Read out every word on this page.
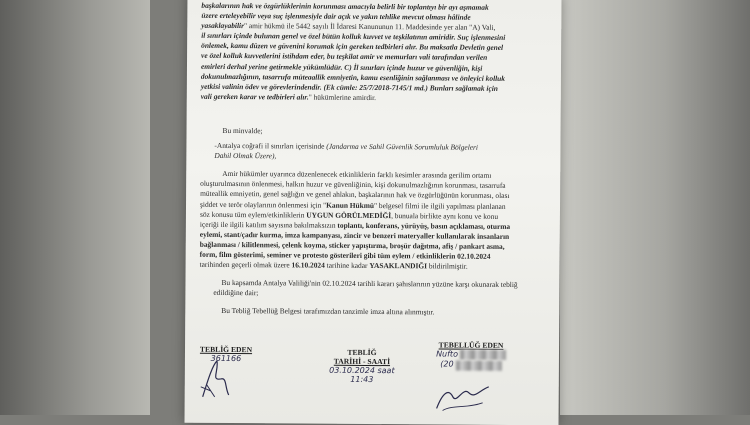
başkalarının hak ve özgürlüklerinin korunması amacıyla belirli bir toplantıyı bir ayı aşmamak

üzere erteleyebilir veya suç işlenmesiyle dair açık ve yakın tehlike mevcut olması hâlinde

yasaklayabilir" amir hükmü ile 5442 sayılı İl İdaresi Kanununun 11. Maddesinde yer alan "A) Vali,

il sınırları içinde bulunan genel ve özel bütün kolluk kuvvet ve teşkilatının amiridir. Suç işlenmesini

önlemek, kamu düzen ve güvenini korumak için gereken tedbirleri alır. Bu maksatla Devletin genel

ve özel kolluk kuvvetlerini istihdam eder, bu teşkilat amir ve memurları vali tarafından verilen

emirleri derhal yerine getirmekle yükümlüdür. C) İl sınırları içinde huzur ve güvenliğin, kişi

dokunulmazlığının, tasarrufa müteaallik emniyetin, kamu esenliğinin sağlanması ve önleyici kolluk

yetkisi valinin ödev ve görevlerindendir. (Ek cümle: 25/7/2018-7145/1 md.) Bunları sağlamak için

vali gereken karar ve tedbirleri alır." hükümlerine amirdir.

Bu minvalde;

-Antalya coğrafi il sınırları içerisinde (Jandarma ve Sahil Güvenlik Sorumluluk Bölgeleri

Dahil Olmak Üzere),

Amir hükümler uyarınca düzenlenecek etkinliklerin farklı kesimler arasında gerilim ortamı

oluşturulmasının önlenmesi, halkın huzur ve güvenliğinin, kişi dokunulmazlığının korunması, tasarrufa

müteallik emniyetin, genel sağlığın ve genel ahlakın, başkalarının hak ve özgürlüğünün korunması, olası

şiddet ve terör olaylarının önlenmesi için "Kanun Hükmü" belgesel filmi ile ilgili yapılması planlanan

söz konusu tüm eylem/etkinliklerin UYGUN GÖRÜLMEDİĞİ, bunuala birlikte aynı konu ve konu

içeriği ile ilgili katılım sayısına bakılmaksızın toplantı, konferans, yürüyüş, basın açıklaması, oturma

eylemi, stant/çadır kurma, imza kampanyası, zincir ve benzeri materyaller kullanılarak insanların

bağlanması / kilitlenmesi, çelenk koyma, sticker yapıştırma, broşür dağıtma, afiş / pankart asma,

form, film gösterimi, seminer ve protesto gösterileri gibi tüm eylem / etkinliklerin 02.10.2024

tarihinden geçerli olmak üzere 16.10.2024 tarihine kadar YASAKLANDIĞI bildirilmiştir.

Bu kapsamda Antalya Valiliği'nin 02.10.2024 tarihli kararı şahıslarının yüzüne karşı okunarak tebliğ

edildiğine dair;

Bu Tebliğ Tebellüğ Belgesi tarafımızdan tanzimle imza altına alınmıştır.

TEBLİĞ EDEN
361166
TEBLİĞ
TARİHİ - SAATİ
03.10.2024 saat 11:43
TEBELLÜĞ EDEN
Nufto
(20
